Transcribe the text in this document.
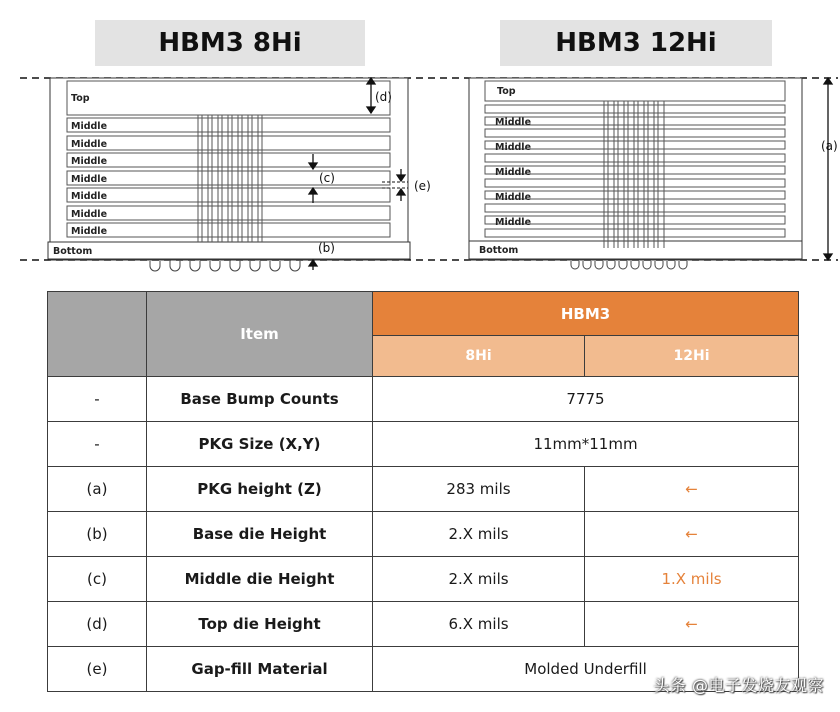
HBM3 8Hi	HBM3 12Hi
Top
Middle
Middle
Middle
Middle
Middle
Middle
Middle
Bottom
(d)
(c)
(e)
(b)
Top
Middle
Middle
Middle
Middle
Middle
Bottom
(a)
	Item	HBM3	
		8Hi	12Hi
-	Base Bump Counts	7775	
-	PKG Size (X,Y)	11mm*11mm	
(a)	PKG height (Z)	283 mils	←
(b)	Base die Height	2.X mils	←
(c)	Middle die Height	2.X mils	1.X mils
(d)	Top die Height	6.X mils	←
(e)	Gap-fill Material	Molded Underfill	
头条 @电子发烧友观察
